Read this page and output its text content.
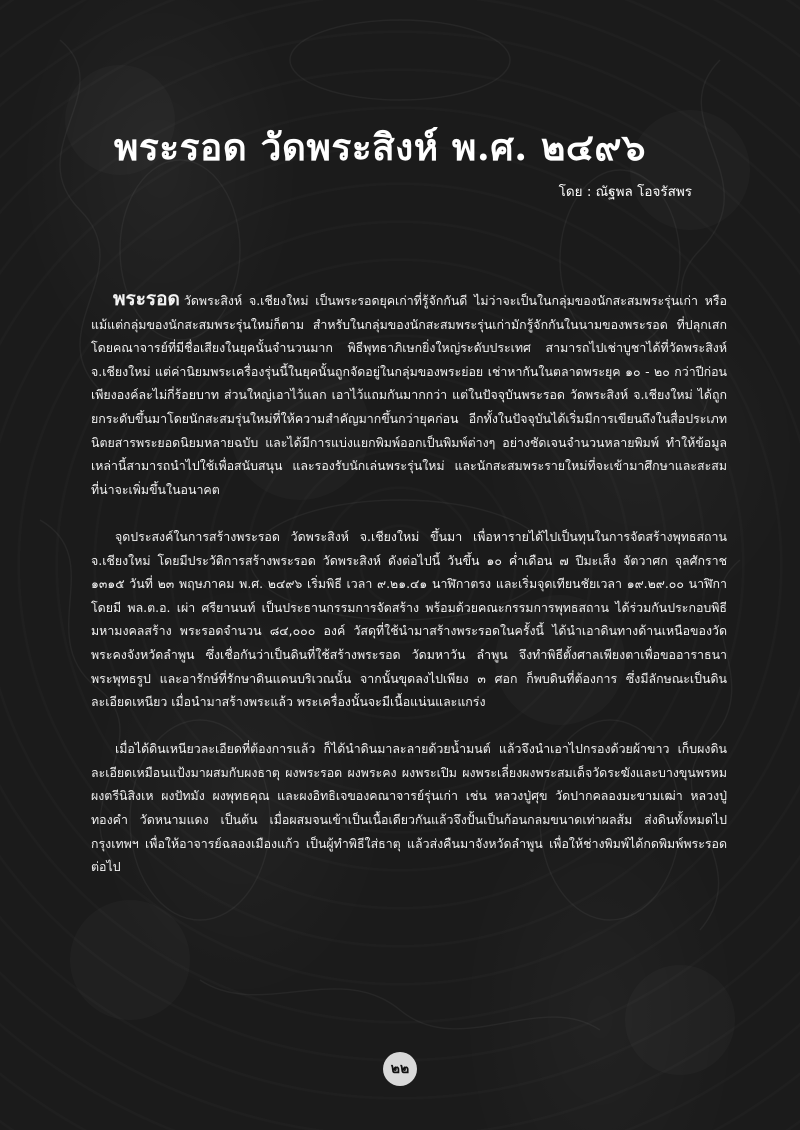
พระรอด วัดพระสิงห์ พ.ศ. ๒๔๙๖
โดย : ณัฐพล โอจรัสพร

พระรอด วัดพระสิงห์ จ.เชียงใหม่ เป็นพระรอดยุคเก่าที่รู้จักกันดี ไม่ว่าจะเป็นในกลุ่มของนักสะสมพระรุ่นเก่า หรือแม้แต่กลุ่มของนักสะสมพระรุ่นใหม่ก็ตาม สำหรับในกลุ่มของนักสะสมพระรุ่นเก่ามักรู้จักกันในนามของพระรอด ที่ปลุกเสกโดยคณาจารย์ที่มีชื่อเสียงในยุคนั้นจำนวนมาก พิธีพุทธาภิเษกยิ่งใหญ่ระดับประเทศ สามารถไปเช่าบูชาได้ที่วัดพระสิงห์ จ.เชียงใหม่ แต่ค่านิยมพระเครื่องรุ่นนี้ในยุคนั้นถูกจัดอยู่ในกลุ่มของพระย่อย เช่าหากันในตลาดพระยุค ๑๐ - ๒๐ กว่าปีก่อนเพียงองค์ละไม่กี่ร้อยบาท ส่วนใหญ่เอาไว้แลก เอาไว้แถมกันมากกว่า แต่ในปัจจุบันพระรอด วัดพระสิงห์ จ.เชียงใหม่ ได้ถูกยกระดับขึ้นมาโดยนักสะสมรุ่นใหม่ที่ให้ความสำคัญมากขึ้นกว่ายุคก่อน อีกทั้งในปัจจุบันได้เริ่มมีการเขียนถึงในสื่อประเภทนิตยสารพระยอดนิยมหลายฉบับ และได้มีการแบ่งแยกพิมพ์ออกเป็นพิมพ์ต่างๆ อย่างชัดเจนจำนวนหลายพิมพ์ ทำให้ข้อมูลเหล่านี้สามารถนำไปใช้เพื่อสนับสนุน และรองรับนักเล่นพระรุ่นใหม่ และนักสะสมพระรายใหม่ที่จะเข้ามาศึกษาและสะสม ที่น่าจะเพิ่มขึ้นในอนาคต

จุดประสงค์ในการสร้างพระรอด วัดพระสิงห์ จ.เชียงใหม่ ขึ้นมา เพื่อหารายได้ไปเป็นทุนในการจัดสร้างพุทธสถาน จ.เชียงใหม่ โดยมีประวัติการสร้างพระรอด วัดพระสิงห์ ดังต่อไปนี้ วันขึ้น ๑๐ ค่ำเดือน ๗ ปีมะเส็ง จัตวาศก จุลศักราช ๑๓๑๕ วันที่ ๒๓ พฤษภาคม พ.ศ. ๒๔๙๖ เริ่มพิธี เวลา ๙.๒๑.๔๑ นาฬิกาตรง และเริ่มจุดเทียนชัยเวลา ๑๙.๒๙.๐๐ นาฬิกา โดยมี พล.ต.อ. เผ่า ศรียานนท์ เป็นประธานกรรมการจัดสร้าง พร้อมด้วยคณะกรรมการพุทธสถาน ได้ร่วมกันประกอบพิธีมหามงคลสร้าง พระรอดจำนวน ๘๔,๐๐๐ องค์ วัสดุที่ใช้นำมาสร้างพระรอดในครั้งนี้ ได้นำเอาดินทางด้านเหนือของวัดพระคงจังหวัดลำพูน ซึ่งเชื่อกันว่าเป็นดินที่ใช้สร้างพระรอด วัดมหาวัน ลำพูน จึงทำพิธีตั้งศาลเพียงตาเพื่อขออาราธนาพระพุทธรูป และอารักษ์ที่รักษาดินแดนบริเวณนั้น จากนั้นขุดลงไปเพียง ๓ ศอก ก็พบดินที่ต้องการ ซึ่งมีลักษณะเป็นดินละเอียดเหนียว เมื่อนำมาสร้างพระแล้ว พระเครื่องนั้นจะมีเนื้อแน่นและแกร่ง

เมื่อได้ดินเหนียวละเอียดที่ต้องการแล้ว ก็ได้นำดินมาละลายด้วยน้ำมนต์ แล้วจึงนำเอาไปกรองด้วยผ้าขาว เก็บผงดินละเอียดเหมือนแป้งมาผสมกับผงธาตุ ผงพระรอด ผงพระคง ผงพระเปิม ผงพระเลี่ยงผงพระสมเด็จวัดระฆังและบางขุนพรหม ผงตรีนิสิงเห ผงปัทมัง ผงพุทธคุณ และผงอิทธิเจของคณาจารย์รุ่นเก่า เช่น หลวงปู่ศุข วัดปากคลองมะขามเฒ่า หลวงปู่ทองคำ วัดหนามแดง เป็นต้น เมื่อผสมจนเข้าเป็นเนื้อเดียวกันแล้วจึงปั้นเป็นก้อนกลมขนาดเท่าผลส้ม ส่งดินทั้งหมดไปกรุงเทพฯ เพื่อให้อาจารย์ฉลองเมืองแก้ว เป็นผู้ทำพิธีใส่ธาตุ แล้วส่งคืนมาจังหวัดลำพูน เพื่อให้ช่างพิมพ์ได้กดพิมพ์พระรอดต่อไป

๒๒
